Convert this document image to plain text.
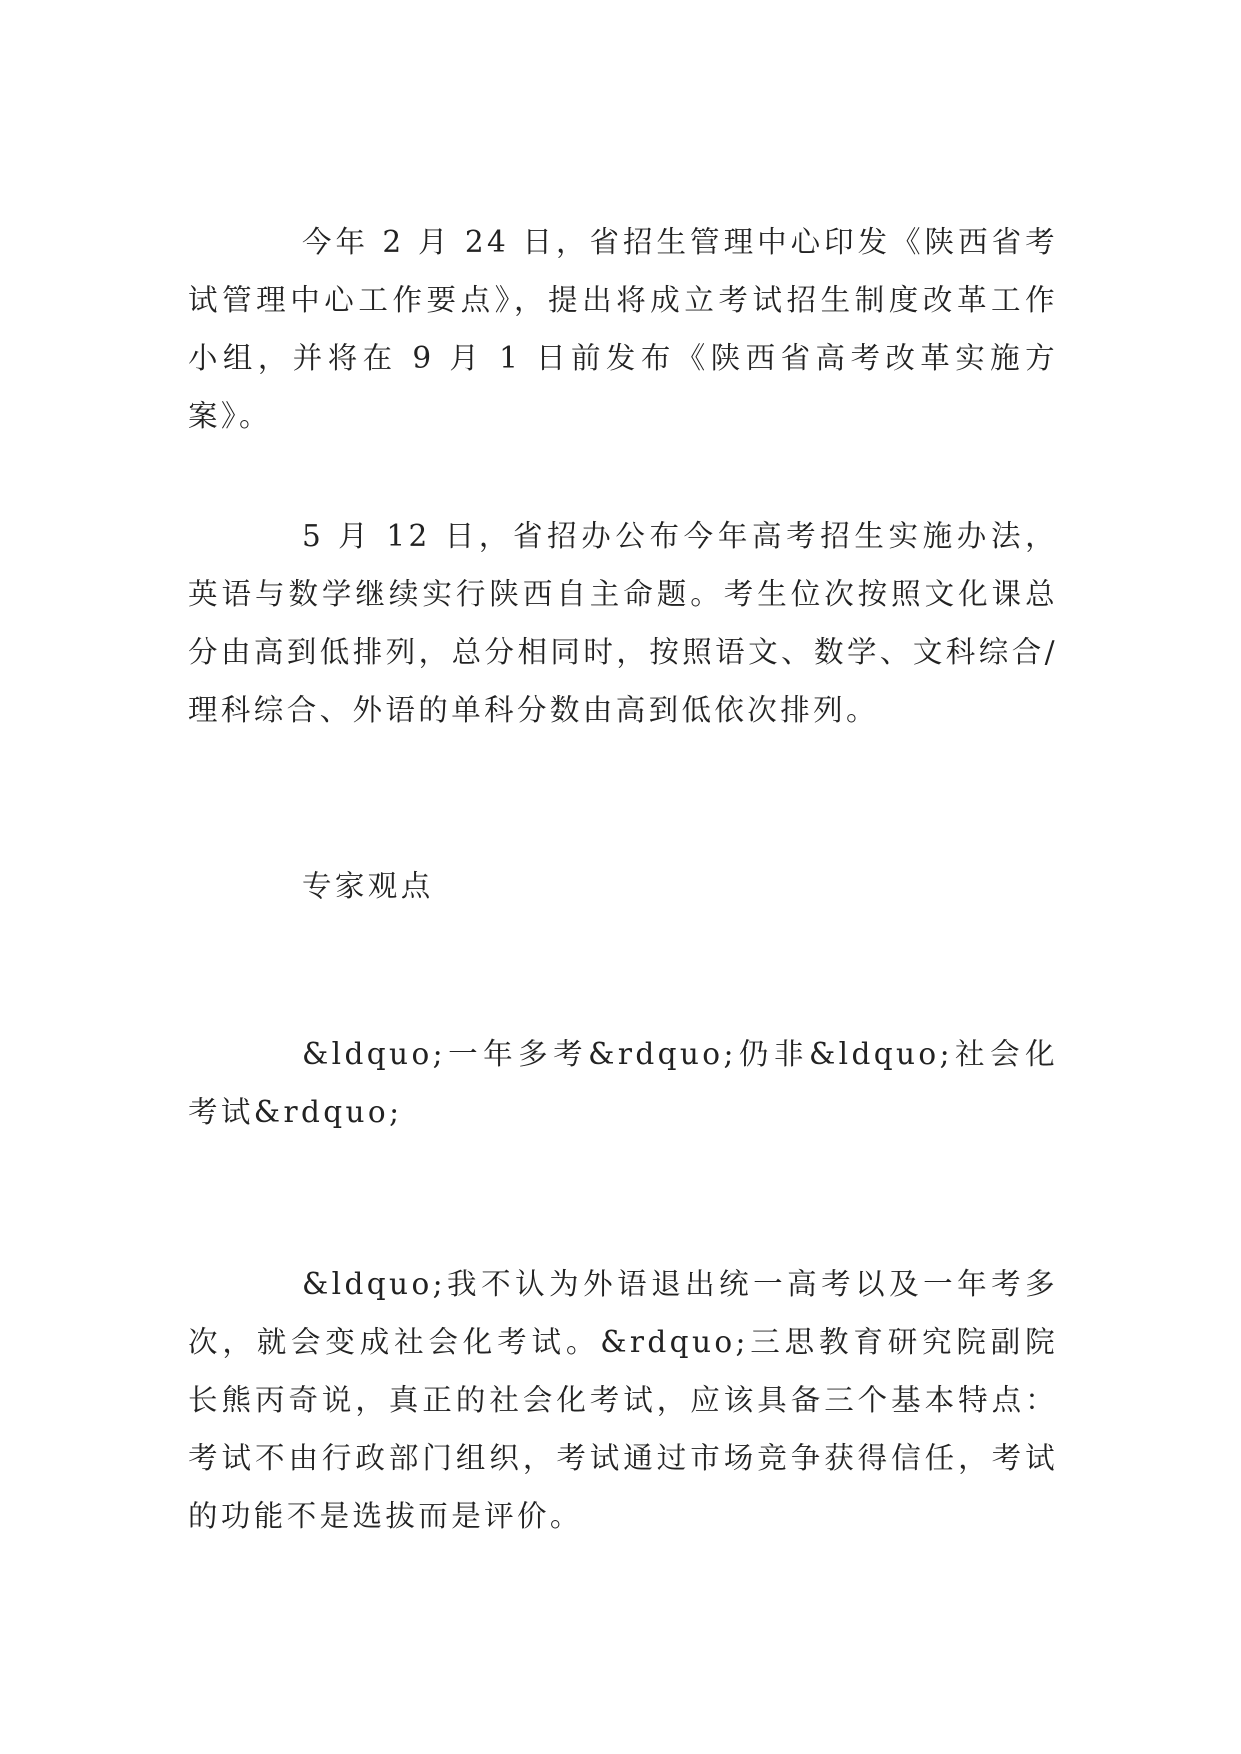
今年 2 月 24 日，省招生管理中心印发《陕西省考试管理中心工作要点》，提出将成立考试招生制度改革工作小组，并将在 9 月 1 日前发布《陕西省高考改革实施方案》。

5 月 12 日，省招办公布今年高考招生实施办法，英语与数学继续实行陕西自主命题。考生位次按照文化课总分由高到低排列，总分相同时，按照语文、数学、文科综合/理科综合、外语的单科分数由高到低依次排列。

专家观点

&ldquo;一年多考&rdquo;仍非&ldquo;社会化考试&rdquo;

&ldquo;我不认为外语退出统一高考以及一年考多次，就会变成社会化考试。&rdquo;三思教育研究院副院长熊丙奇说，真正的社会化考试，应该具备三个基本特点：考试不由行政部门组织，考试通过市场竞争获得信任，考试的功能不是选拔而是评价。
